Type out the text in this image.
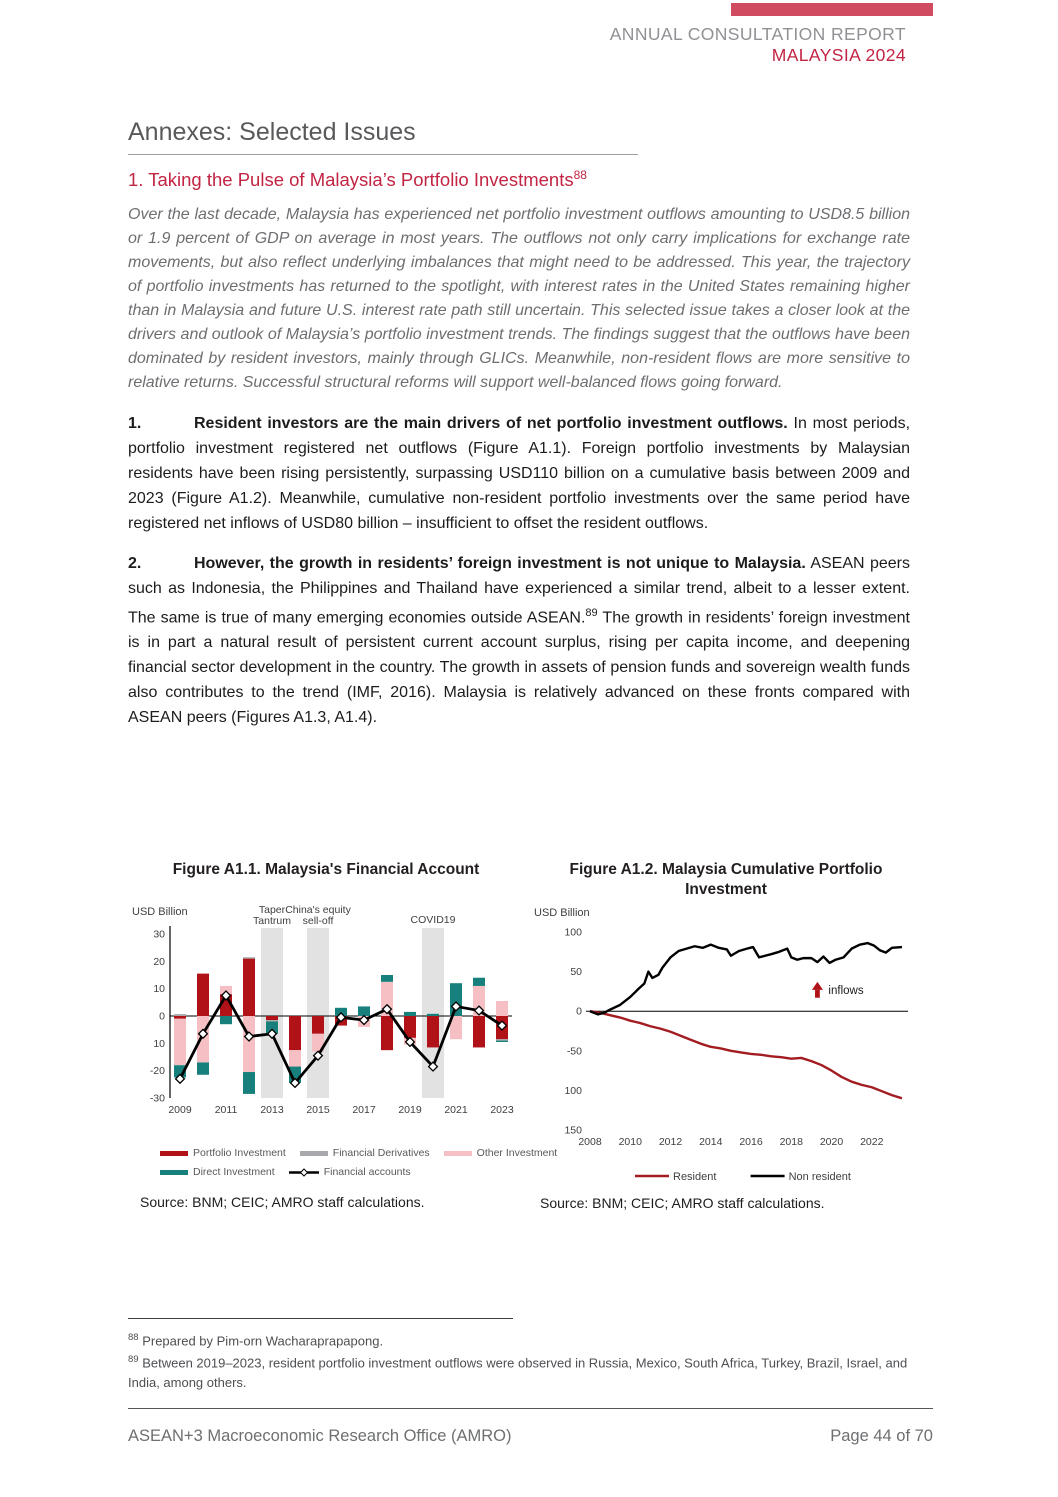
ANNUAL CONSULTATION REPORT
MALAYSIA 2024
Annexes: Selected Issues
1. Taking the Pulse of Malaysia’s Portfolio Investments$^{88}$

Over the last decade, Malaysia has experienced net portfolio investment outflows amounting to USD8.5 billion or 1.9 percent of GDP on average in most years. The outflows not only carry implications for exchange rate movements, but also reflect underlying imbalances that might need to be addressed. This year, the trajectory of portfolio investments has returned to the spotlight, with interest rates in the United States remaining higher than in Malaysia and future U.S. interest rate path still uncertain. This selected issue takes a closer look at the drivers and outlook of Malaysia’s portfolio investment trends. The findings suggest that the outflows have been dominated by resident investors, mainly through GLICs. Meanwhile, non-resident flows are more sensitive to relative returns. Successful structural reforms will support well-balanced flows going forward.

1.	Resident investors are the main drivers of net portfolio investment outflows. In most periods, portfolio investment registered net outflows (Figure A1.1). Foreign portfolio investments by Malaysian residents have been rising persistently, surpassing USD110 billion on a cumulative basis between 2009 and 2023 (Figure A1.2). Meanwhile, cumulative non-resident portfolio investments over the same period have registered net inflows of USD80 billion – insufficient to offset the resident outflows.

2.	However, the growth in residents’ foreign investment is not unique to Malaysia. ASEAN peers such as Indonesia, the Philippines and Thailand have experienced a similar trend, albeit to a lesser extent. The same is true of many emerging economies outside ASEAN.$^{89}$ The growth in residents’ foreign investment is in part a natural result of persistent current account surplus, rising per capita income, and deepening financial sector development in the country. The growth in assets of pension funds and sovereign wealth funds also contributes to the trend (IMF, 2016). Malaysia is relatively advanced on these fronts compared with ASEAN peers (Figures A1.3, A1.4).

Figure A1.1. Malaysia's Financial Account
Taper Tantrum
China's equity sell-off	COVID19
USD Billion
30
20
10
0
10
-20
-30
2009 2011 2013 2015 2017 2019 2021 2023
Portfolio Investment	Financial Derivatives	Other Investment
Direct Investment	Financial accounts
Source: BNM; CEIC; AMRO staff calculations.
Figure A1.2. Malaysia Cumulative Portfolio Investment
USD Billion
100
50
0
-50
100
150
2008 2010 2012 2014 2016 2018 2020 2022
inflows
Resident	Non resident
Source: BNM; CEIC; AMRO staff calculations.

$^{88}$ Prepared by Pim-orn Wacharaprapapong.

$^{89}$ Between 2019–2023, resident portfolio investment outflows were observed in Russia, Mexico, South Africa, Turkey, Brazil, Israel, and India, among others.

ASEAN+3 Macroeconomic Research Office (AMRO)	Page 44 of 70
